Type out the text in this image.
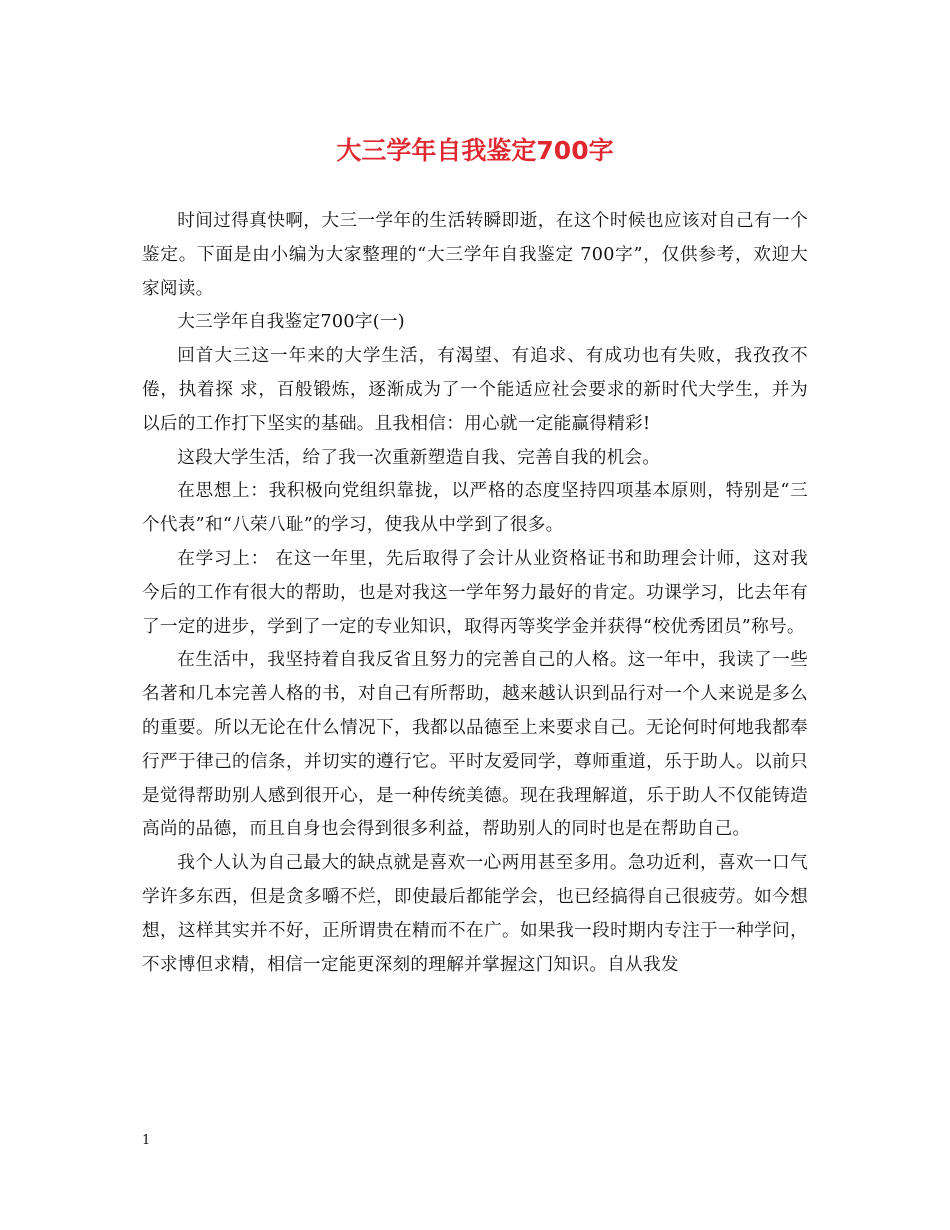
大三学年自我鉴定700字

时间过得真快啊，大三一学年的生活转瞬即逝，在这个时候也应该对自己有一个鉴定。下面是由小编为大家整理的“大三学年自我鉴定 700字”，仅供参考，欢迎大家阅读。

大三学年自我鉴定700字(一)

回首大三这一年来的大学生活，有渴望、有追求、有成功也有失败，我孜孜不倦，执着探 求，百般锻炼，逐渐成为了一个能适应社会要求的新时代大学生，并为以后的工作打下坚实的基础。且我相信：用心就一定能赢得精彩!

这段大学生活，给了我一次重新塑造自我、完善自我的机会。

在思想上：我积极向党组织靠拢，以严格的态度坚持四项基本原则，特别是“三个代表”和“八荣八耻”的学习，使我从中学到了很多。

在学习上： 在这一年里，先后取得了会计从业资格证书和助理会计师，这对我今后的工作有很大的帮助，也是对我这一学年努力最好的肯定。功课学习，比去年有了一定的进步，学到了一定的专业知识，取得丙等奖学金并获得“校优秀团员”称号。

在生活中，我坚持着自我反省且努力的完善自己的人格。这一年中，我读了一些名著和几本完善人格的书，对自己有所帮助，越来越认识到品行对一个人来说是多么的重要。所以无论在什么情况下，我都以品德至上来要求自己。无论何时何地我都奉行严于律己的信条，并切实的遵行它。平时友爱同学，尊师重道，乐于助人。以前只是觉得帮助别人感到很开心，是一种传统美德。现在我理解道，乐于助人不仅能铸造高尚的品德，而且自身也会得到很多利益，帮助别人的同时也是在帮助自己。

我个人认为自己最大的缺点就是喜欢一心两用甚至多用。急功近利，喜欢一口气学许多东西，但是贪多嚼不烂，即使最后都能学会，也已经搞得自己很疲劳。如今想想，这样其实并不好，正所谓贵在精而不在广。如果我一段时期内专注于一种学问，不求博但求精，相信一定能更深刻的理解并掌握这门知识。自从我发

1
